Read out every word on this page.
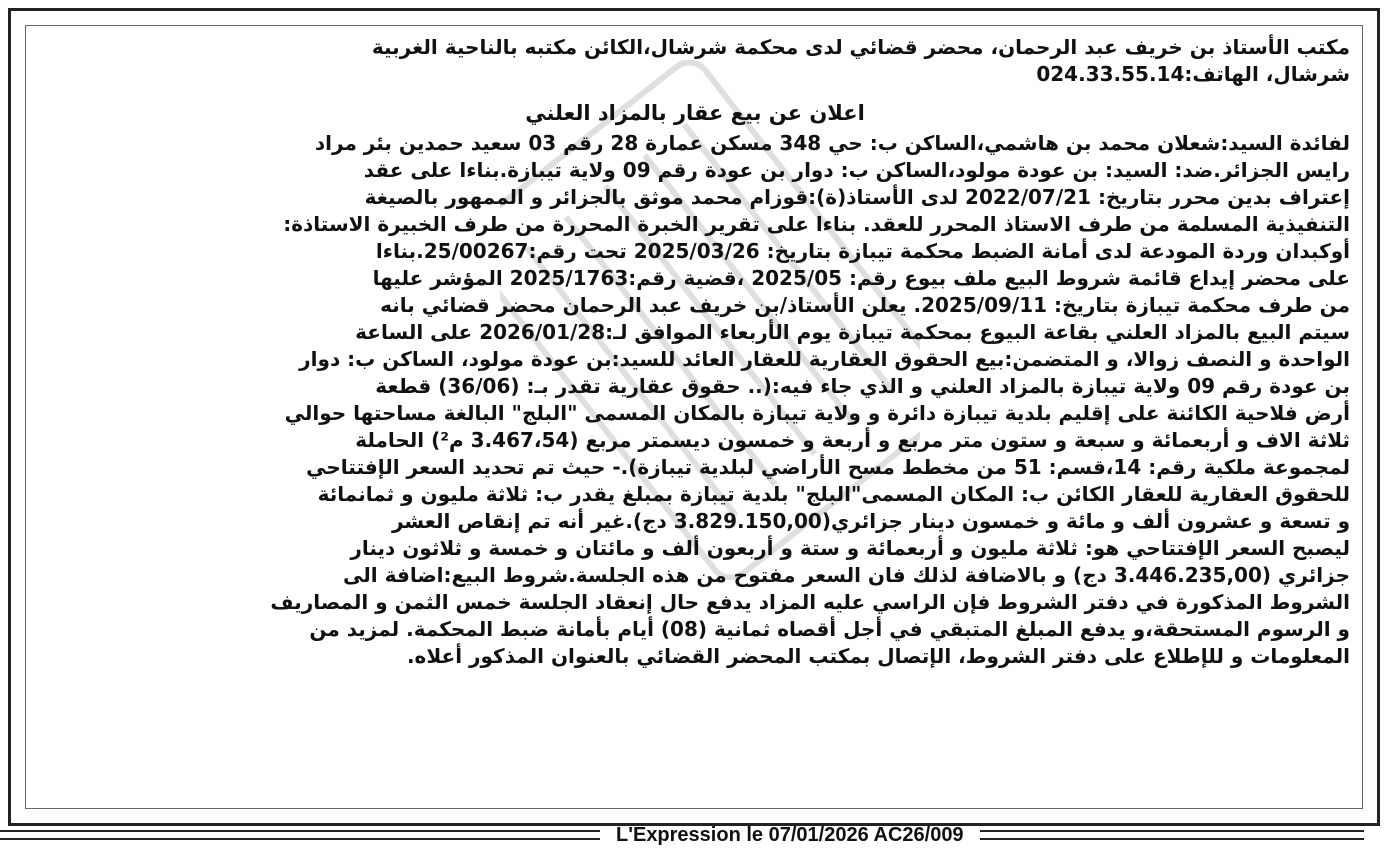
مكتب الأستاذ بن خريف عبد الرحمان، محضر قضائي لدى محكمة شرشال،الكائن مكتبه بالناحية الغربية
شرشال، الهاتف:024.33.55.14
اعلان عن بيع عقار بالمزاد العلني
لفائدة السيد:شعلان محمد بن هاشمي،الساكن ب: حي 348 مسكن عمارة 28 رقم 03 سعيد حمدين بئر مراد
رايس الجزائر.ضد: السيد: بن عودة مولود،الساكن ب: دوار بن عودة رقم 09 ولاية تيبازة.بناءا على عقد
إعتراف بدين محرر بتاريخ: 2022/07/21 لدى الأستاذ(ة):قوزام محمد موثق بالجزائر و الممهور بالصيغة
التنفيذية المسلمة من طرف الاستاذ المحرر للعقد. بناءا على تقرير الخبرة المحررة من طرف الخبيرة الاستاذة:
أوكبدان وردة المودعة لدى أمانة الضبط محكمة تيبازة بتاريخ: 2025/03/26 تحت رقم:25/00267.بناءا
على محضر إيداع قائمة شروط البيع ملف بيوع رقم: 2025/05 ،قضية رقم:2025/1763 المؤشر عليها
من طرف محكمة تيبازة بتاريخ: 2025/09/11. يعلن الأستاذ/بن خريف عبد الرحمان محضر قضائي بانه
سيتم البيع بالمزاد العلني بقاعة البيوع بمحكمة تيبازة يوم الأربعاء الموافق لـ:2026/01/28 على الساعة
الواحدة و النصف زوالا، و المتضمن:بيع الحقوق العقارية للعقار العائد للسيد:بن عودة مولود، الساكن ب: دوار
بن عودة رقم 09 ولاية تيبازة بالمزاد العلني و الذي جاء فيه:(.. حقوق عقارية تقدر بـ: (36/06) قطعة
أرض فلاحية الكائنة على إقليم بلدية تيبازة دائرة و ولاية تيبازة بالمكان المسمى "البلج" البالغة مساحتها حوالي
ثلاثة الاف و أربعمائة و سبعة و ستون متر مربع و أربعة و خمسون ديسمتر مربع (3.467،54 م²) الحاملة
لمجموعة ملكية رقم: 14،قسم: 51 من مخطط مسح الأراضي لبلدية تيبازة).- حيث تم تحديد السعر الإفتتاحي
للحقوق العقارية للعقار الكائن ب: المكان المسمى"البلج" بلدية تيبازة بمبلغ يقدر ب: ثلاثة مليون و ثمانمائة
و تسعة و عشرون ألف و مائة و خمسون دينار جزائري(3.829.150,00 دج).غير أنه تم إنقاص العشر
ليصبح السعر الإفتتاحي هو: ثلاثة مليون و أربعمائة و ستة و أربعون ألف و مائتان و خمسة و ثلاثون دينار
جزائري (3.446.235,00 دج) و بالاضافة لذلك فان السعر مفتوح من هذه الجلسة.شروط البيع:اضافة الى
الشروط المذكورة في دفتر الشروط فإن الراسي عليه المزاد يدفع حال إنعقاد الجلسة خمس الثمن و المصاريف
و الرسوم المستحقة،و يدفع المبلغ المتبقي في أجل أقصاه ثمانية (08) أيام بأمانة ضبط المحكمة. لمزيد من
المعلومات و للإطلاع على دفتر الشروط، الإتصال بمكتب المحضر القضائي بالعنوان المذكور أعلاه.
L'Expression le 07/01/2026 AC26/009
